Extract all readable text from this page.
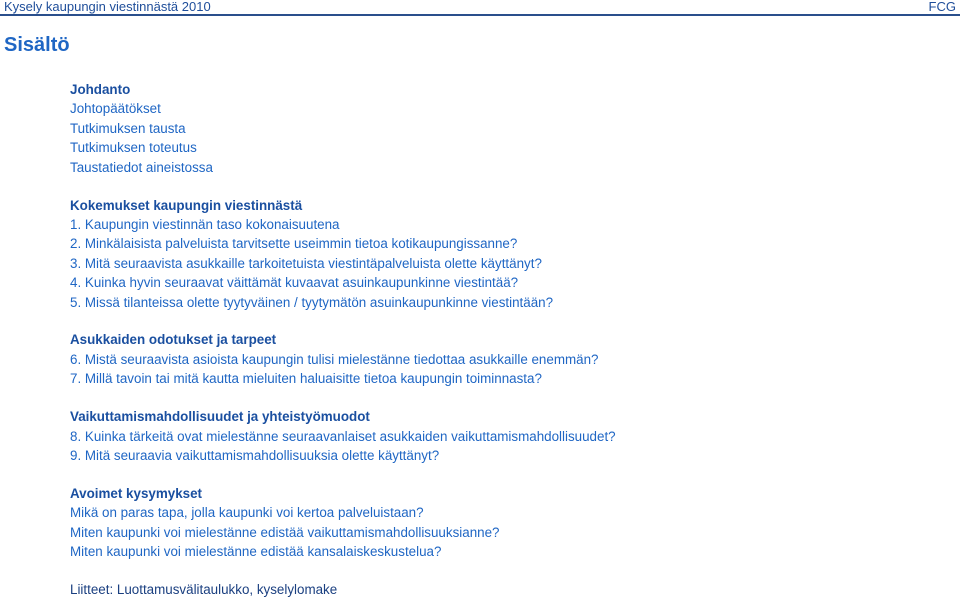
Kysely kaupungin viestinnästä 2010	FCG
Sisältö
Johdanto
Johtopäätökset
Tutkimuksen tausta
Tutkimuksen toteutus
Taustatiedot aineistossa
Kokemukset kaupungin viestinnästä
1. Kaupungin viestinnän taso kokonaisuutena
2. Minkälaisista palveluista tarvitsette useimmin tietoa kotikaupungissanne?
3. Mitä seuraavista asukkaille tarkoitetuista viestintäpalveluista olette käyttänyt?
4. Kuinka hyvin seuraavat väittämät kuvaavat asuinkaupunkinne viestintää?
5. Missä tilanteissa olette tyytyväinen / tyytymätön asuinkaupunkinne viestintään?
Asukkaiden odotukset ja tarpeet
6. Mistä seuraavista asioista kaupungin tulisi mielestänne tiedottaa asukkaille enemmän?
7. Millä tavoin tai mitä kautta mieluiten haluaisitte tietoa kaupungin toiminnasta?
Vaikuttamismahdollisuudet ja yhteistyömuodot
8. Kuinka tärkeitä ovat mielestänne seuraavanlaiset asukkaiden vaikuttamismahdollisuudet?
9. Mitä seuraavia vaikuttamismahdollisuuksia olette käyttänyt?
Avoimet kysymykset
Mikä on paras tapa, jolla kaupunki voi kertoa palveluistaan?
Miten kaupunki voi mielestänne edistää vaikuttamismahdollisuuksianne?
Miten kaupunki voi mielestänne edistää kansalaiskeskustelua?
Liitteet: Luottamusvälitaulukko, kyselylomake
